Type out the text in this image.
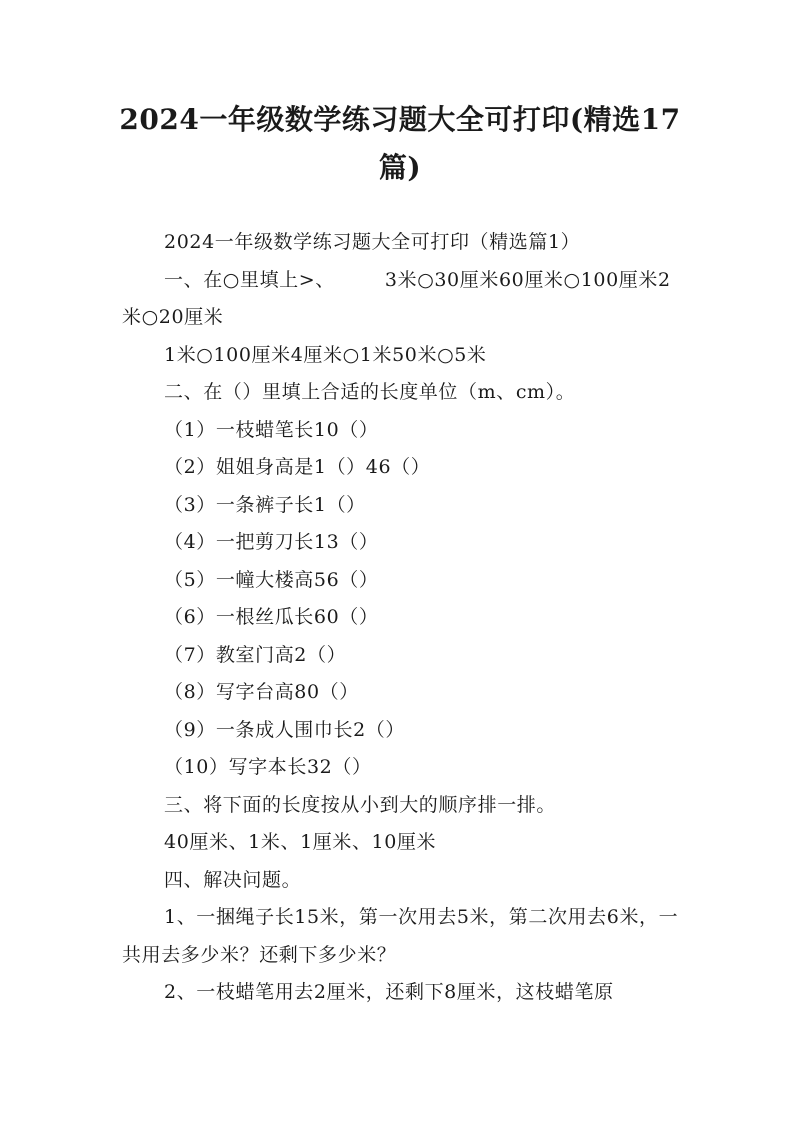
2024一年级数学练习题大全可打印(精选17篇)

2024一年级数学练习题大全可打印（精选篇1）

一、在○里填上>、	3米○30厘米60厘米○100厘米2米○20厘米

1米○100厘米4厘米○1米50米○5米

二、在（）里填上合适的长度单位（m、cm）。

（1）一枝蜡笔长10（）

（2）姐姐身高是1（）46（）

（3）一条裤子长1（）

（4）一把剪刀长13（）

（5）一幢大楼高56（）

（6）一根丝瓜长60（）

（7）教室门高2（）

（8）写字台高80（）

（9）一条成人围巾长2（）

（10）写字本长32（）

三、将下面的长度按从小到大的顺序排一排。

40厘米、1米、1厘米、10厘米

四、解决问题。

1、一捆绳子长15米，第一次用去5米，第二次用去6米，一共用去多少米？还剩下多少米？

2、一枝蜡笔用去2厘米，还剩下8厘米，这枝蜡笔原
